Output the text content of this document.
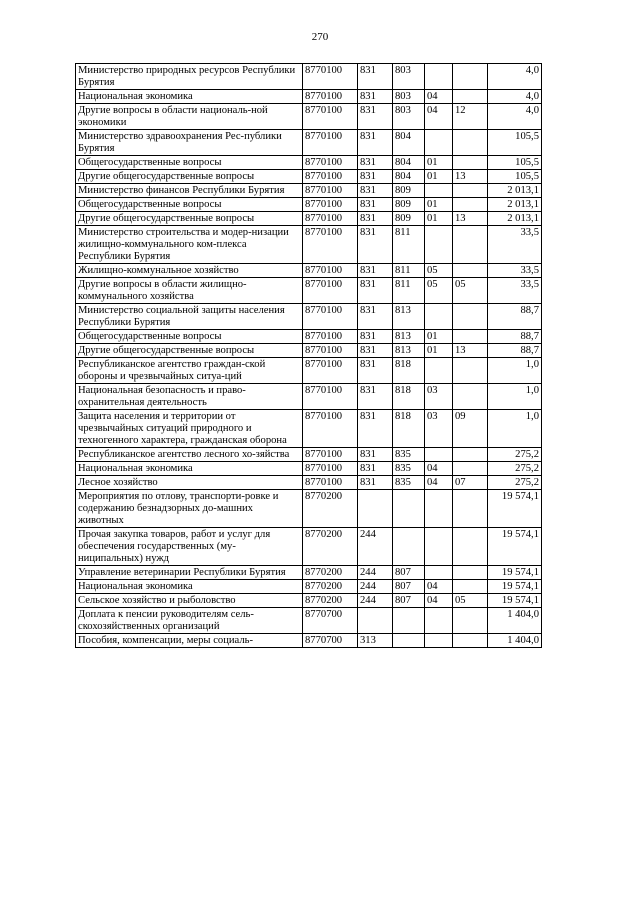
270
Министерство природных ресурсов Республики Бурятия	8770100	831	803			4,0
Национальная экономика	8770100	831	803	04		4,0
Другие вопросы в области националь-ной экономики	8770100	831	803	04	12	4,0
Министерство здравоохранения Рес-публики Бурятия	8770100	831	804			105,5
Общегосударственные вопросы	8770100	831	804	01		105,5
Другие общегосударственные вопросы	8770100	831	804	01	13	105,5
Министерство финансов Республики Бурятия	8770100	831	809			2 013,1
Общегосударственные вопросы	8770100	831	809	01		2 013,1
Другие общегосударственные вопросы	8770100	831	809	01	13	2 013,1
Министерство строительства и модер-низации жилищно-коммунального ком-плекса Республики Бурятия	8770100	831	811			33,5
Жилищно-коммунальное хозяйство	8770100	831	811	05		33,5
Другие вопросы в области жилищно-коммунального хозяйства	8770100	831	811	05	05	33,5
Министерство социальной защиты населения Республики Бурятия	8770100	831	813			88,7
Общегосударственные вопросы	8770100	831	813	01		88,7
Другие общегосударственные вопросы	8770100	831	813	01	13	88,7
Республиканское агентство граждан-ской обороны и чрезвычайных ситуа-ций	8770100	831	818			1,0
Национальная безопасность и право-охранительная деятельность	8770100	831	818	03		1,0
Защита населения и территории от чрезвычайных ситуаций природного и техногенного характера, гражданская оборона	8770100	831	818	03	09	1,0
Республиканское агентство лесного хо-зяйства	8770100	831	835			275,2
Национальная экономика	8770100	831	835	04		275,2
Лесное хозяйство	8770100	831	835	04	07	275,2
Мероприятия по отлову, транспорти-ровке и содержанию безнадзорных до-машних животных	8770200					19 574,1
Прочая закупка товаров, работ и услуг для обеспечения государственных (му-ниципальных) нужд	8770200	244				19 574,1
Управление ветеринарии Республики Бурятия	8770200	244	807			19 574,1
Национальная экономика	8770200	244	807	04		19 574,1
Сельское хозяйство и рыболовство	8770200	244	807	04	05	19 574,1
Доплата к пенсии руководителям сель-скохозяйственных организаций	8770700					1 404,0
Пособия, компенсации, меры социаль-	8770700	313				1 404,0
